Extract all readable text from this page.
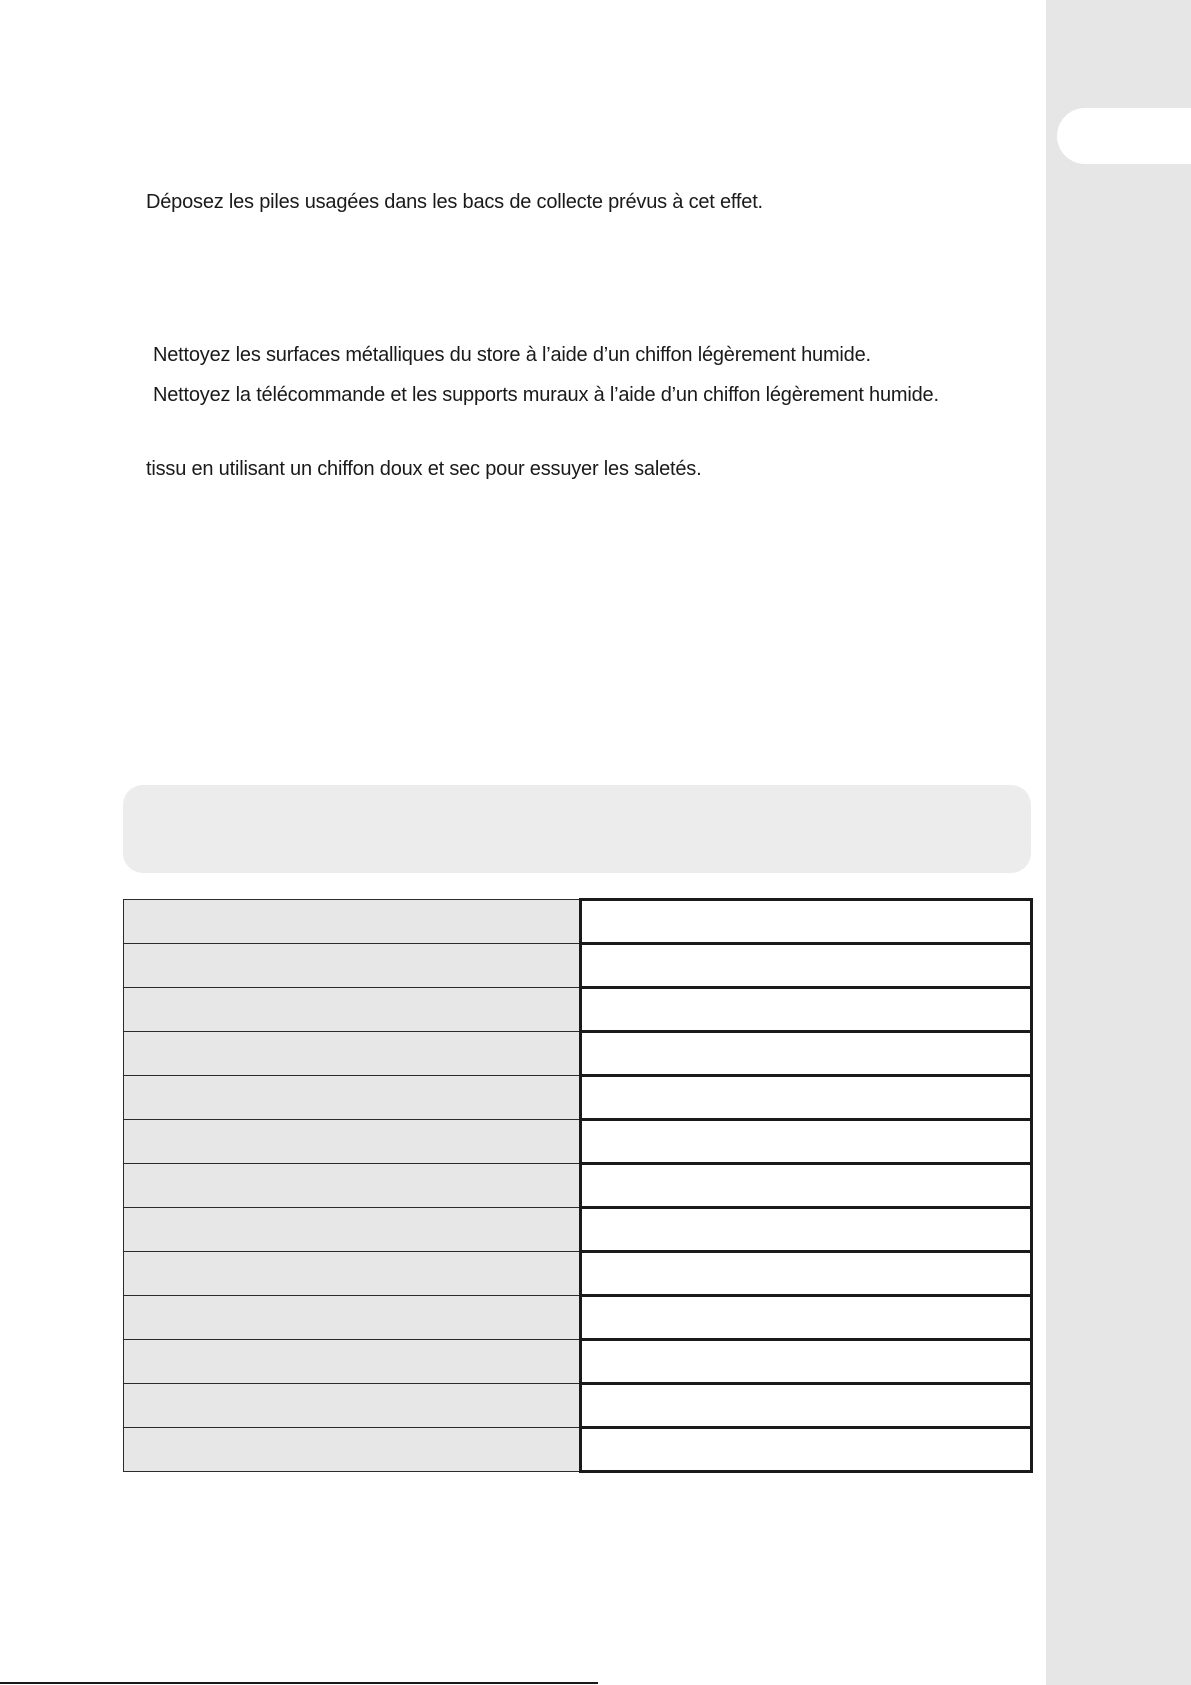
Déposez les piles usagées dans les bacs de collecte prévus à cet effet.

Nettoyez les surfaces métalliques du store à l’aide d’un chiffon légèrement humide.

Nettoyez la télécommande et les supports muraux à l’aide d’un chiffon légèrement humide.

tissu en utilisant un chiffon doux et sec pour essuyer les saletés.
